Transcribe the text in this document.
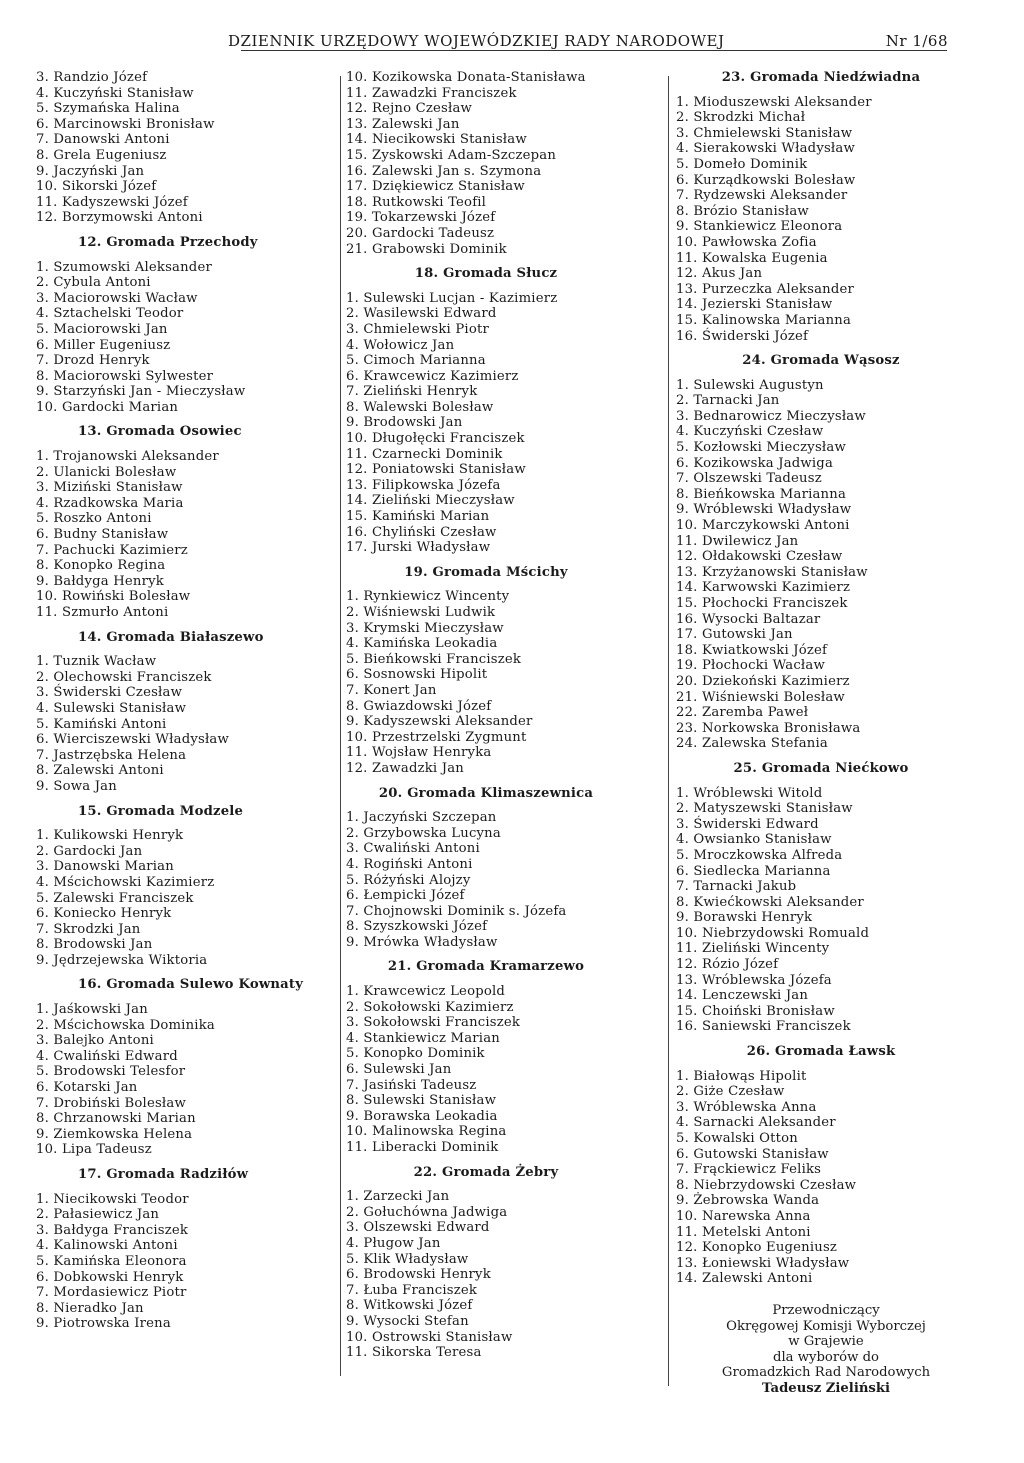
DZIENNIK URZĘDOWY WOJEWÓDZKIEJ RADY NARODOWEJ	Nr 1/68
3. Randzio Józef
4. Kuczyński Stanisław
5. Szymańska Halina
6. Marcinowski Bronisław
7. Danowski Antoni
8. Grela Eugeniusz
9. Jaczyński Jan
10. Sikorski Józef
11. Kadyszewski Józef
12. Borzymowski Antoni
12. Gromada Przechody
1. Szumowski Aleksander
2. Cybula Antoni
3. Maciorowski Wacław
4. Sztachelski Teodor
5. Maciorowski Jan
6. Miller Eugeniusz
7. Drozd Henryk
8. Maciorowski Sylwester
9. Starzyński Jan - Mieczysław
10. Gardocki Marian
13. Gromada Osowiec
1. Trojanowski Aleksander
2. Ulanicki Bolesław
3. Miziński Stanisław
4. Rzadkowska Maria
5. Roszko Antoni
6. Budny Stanisław
7. Pachucki Kazimierz
8. Konopko Regina
9. Bałdyga Henryk
10. Rowiński Bolesław
11. Szmurło Antoni
14. Gromada Białaszewo
1. Tuznik Wacław
2. Olechowski Franciszek
3. Świderski Czesław
4. Sulewski Stanisław
5. Kamiński Antoni
6. Wierciszewski Władysław
7. Jastrzębska Helena
8. Zalewski Antoni
9. Sowa Jan
15. Gromada Modzele
1. Kulikowski Henryk
2. Gardocki Jan
3. Danowski Marian
4. Mścichowski Kazimierz
5. Zalewski Franciszek
6. Koniecko Henryk
7. Skrodzki Jan
8. Brodowski Jan
9. Jędrzejewska Wiktoria
16. Gromada Sulewo Kownaty
1. Jaśkowski Jan
2. Mścichowska Dominika
3. Balejko Antoni
4. Cwaliński Edward
5. Brodowski Telesfor
6. Kotarski Jan
7. Drobiński Bolesław
8. Chrzanowski Marian
9. Ziemkowska Helena
10. Lipa Tadeusz
17. Gromada Radziłów
1. Niecikowski Teodor
2. Pałasiewicz Jan
3. Bałdyga Franciszek
4. Kalinowski Antoni
5. Kamińska Eleonora
6. Dobkowski Henryk
7. Mordasiewicz Piotr
8. Nieradko Jan
9. Piotrowska Irena
10. Kozikowska Donata-Stanisława
11. Zawadzki Franciszek
12. Rejno Czesław
13. Zalewski Jan
14. Niecikowski Stanisław
15. Zyskowski Adam-Szczepan
16. Zalewski Jan s. Szymona
17. Dziękiewicz Stanisław
18. Rutkowski Teofil
19. Tokarzewski Józef
20. Gardocki Tadeusz
21. Grabowski Dominik
18. Gromada Słucz
1. Sulewski Lucjan - Kazimierz
2. Wasilewski Edward
3. Chmielewski Piotr
4. Wołowicz Jan
5. Cimoch Marianna
6. Krawcewicz Kazimierz
7. Zieliński Henryk
8. Walewski Bolesław
9. Brodowski Jan
10. Długołęcki Franciszek
11. Czarnecki Dominik
12. Poniatowski Stanisław
13. Filipkowska Józefa
14. Zieliński Mieczysław
15. Kamiński Marian
16. Chyliński Czesław
17. Jurski Władysław
19. Gromada Mścichy
1. Rynkiewicz Wincenty
2. Wiśniewski Ludwik
3. Krymski Mieczysław
4. Kamińska Leokadia
5. Bieńkowski Franciszek
6. Sosnowski Hipolit
7. Konert Jan
8. Gwiazdowski Józef
9. Kadyszewski Aleksander
10. Przestrzelski Zygmunt
11. Wojsław Henryka
12. Zawadzki Jan
20. Gromada Klimaszewnica
1. Jaczyński Szczepan
2. Grzybowska Lucyna
3. Cwaliński Antoni
4. Rogiński Antoni
5. Różyński Alojzy
6. Łempicki Józef
7. Chojnowski Dominik s. Józefa
8. Szyszkowski Józef
9. Mrówka Władysław
21. Gromada Kramarzewo
1. Krawcewicz Leopold
2. Sokołowski Kazimierz
3. Sokołowski Franciszek
4. Stankiewicz Marian
5. Konopko Dominik
6. Sulewski Jan
7. Jasiński Tadeusz
8. Sulewski Stanisław
9. Borawska Leokadia
10. Malinowska Regina
11. Liberacki Dominik
22. Gromada Żebry
1. Zarzecki Jan
2. Gołuchówna Jadwiga
3. Olszewski Edward
4. Pługow Jan
5. Klik Władysław
6. Brodowski Henryk
7. Łuba Franciszek
8. Witkowski Józef
9. Wysocki Stefan
10. Ostrowski Stanisław
11. Sikorska Teresa
23. Gromada Niedźwiadna
1. Mioduszewski Aleksander
2. Skrodzki Michał
3. Chmielewski Stanisław
4. Sierakowski Władysław
5. Domeło Dominik
6. Kurządkowski Bolesław
7. Rydzewski Aleksander
8. Brózio Stanisław
9. Stankiewicz Eleonora
10. Pawłowska Zofia
11. Kowalska Eugenia
12. Akus Jan
13. Purzeczka Aleksander
14. Jezierski Stanisław
15. Kalinowska Marianna
16. Świderski Józef
24. Gromada Wąsosz
1. Sulewski Augustyn
2. Tarnacki Jan
3. Bednarowicz Mieczysław
4. Kuczyński Czesław
5. Kozłowski Mieczysław
6. Kozikowska Jadwiga
7. Olszewski Tadeusz
8. Bieńkowska Marianna
9. Wróblewski Władysław
10. Marczykowski Antoni
11. Dwilewicz Jan
12. Ołdakowski Czesław
13. Krzyżanowski Stanisław
14. Karwowski Kazimierz
15. Płochocki Franciszek
16. Wysocki Baltazar
17. Gutowski Jan
18. Kwiatkowski Józef
19. Płochocki Wacław
20. Dziekoński Kazimierz
21. Wiśniewski Bolesław
22. Zaremba Paweł
23. Norkowska Bronisława
24. Zalewska Stefania
25. Gromada Niećkowo
1. Wróblewski Witold
2. Matyszewski Stanisław
3. Świderski Edward
4. Owsianko Stanisław
5. Mroczkowska Alfreda
6. Siedlecka Marianna
7. Tarnacki Jakub
8. Kwiećkowski Aleksander
9. Borawski Henryk
10. Niebrzydowski Romuald
11. Zieliński Wincenty
12. Rózio Józef
13. Wróblewska Józefa
14. Lenczewski Jan
15. Choiński Bronisław
16. Saniewski Franciszek
26. Gromada Ławsk
1. Białowąs Hipolit
2. Giże Czesław
3. Wróblewska Anna
4. Sarnacki Aleksander
5. Kowalski Otton
6. Gutowski Stanisław
7. Frąckiewicz Feliks
8. Niebrzydowski Czesław
9. Żebrowska Wanda
10. Narewska Anna
11. Metelski Antoni
12. Konopko Eugeniusz
13. Łoniewski Władysław
14. Zalewski Antoni
Przewodniczący
Okręgowej Komisji Wyborczej
w Grajewie
dla wyborów do
Gromadzkich Rad Narodowych
Tadeusz Zieliński
